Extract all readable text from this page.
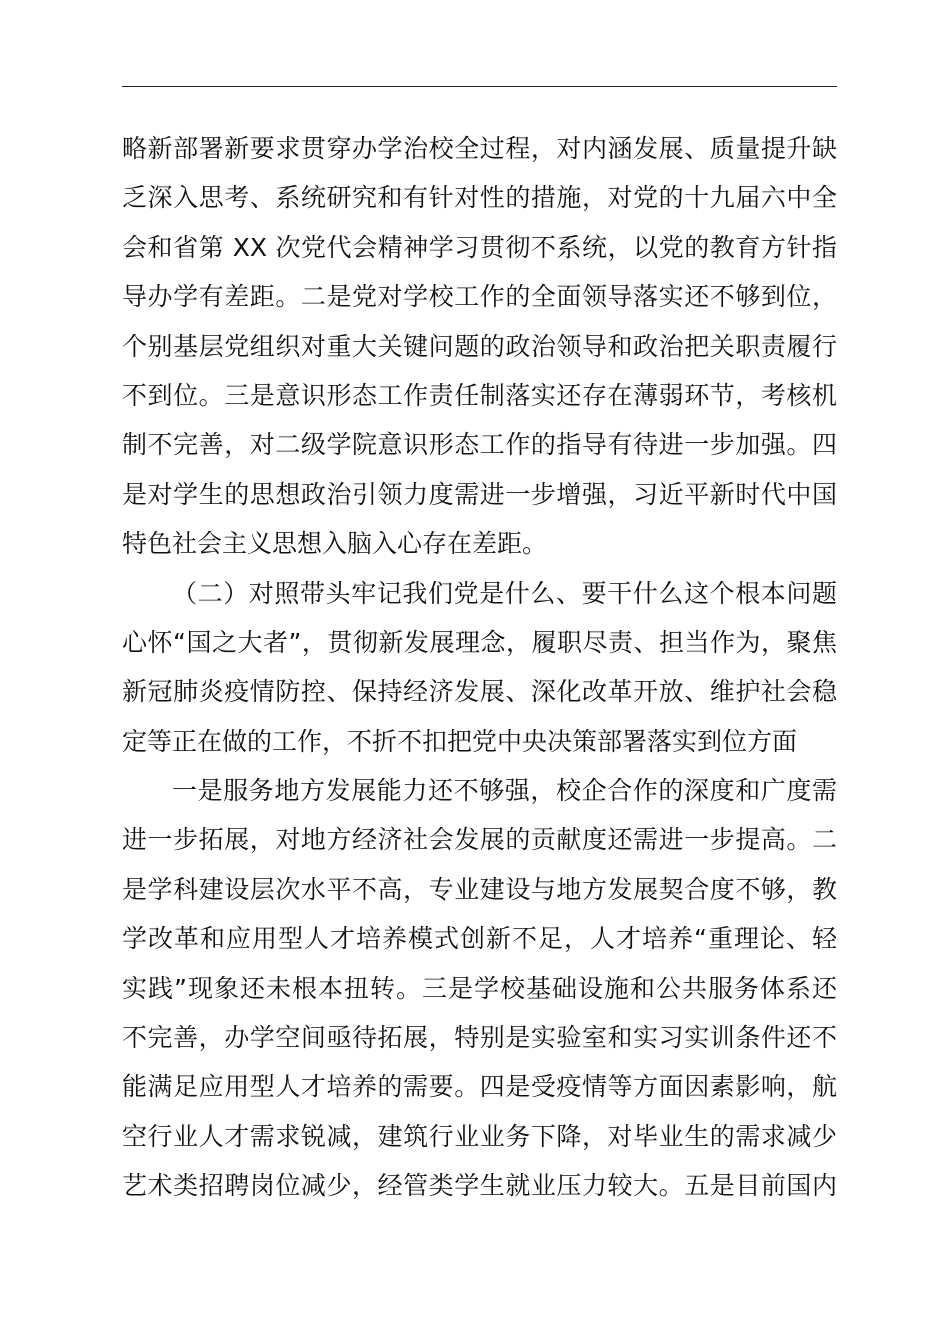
略新部署新要求贯穿办学治校全过程，对内涵发展、质量提升缺
乏深入思考、系统研究和有针对性的措施，对党的十九届六中全
会和省第 XX 次党代会精神学习贯彻不系统，以党的教育方针指
导办学有差距。二是党对学校工作的全面领导落实还不够到位，
个别基层党组织对重大关键问题的政治领导和政治把关职责履行
不到位。三是意识形态工作责任制落实还存在薄弱环节，考核机
制不完善，对二级学院意识形态工作的指导有待进一步加强。四
是对学生的思想政治引领力度需进一步增强，习近平新时代中国
特色社会主义思想入脑入心存在差距。
（二）对照带头牢记我们党是什么、要干什么这个根本问题
心怀“国之大者”，贯彻新发展理念，履职尽责、担当作为，聚焦
新冠肺炎疫情防控、保持经济发展、深化改革开放、维护社会稳
定等正在做的工作，不折不扣把党中央决策部署落实到位方面
一是服务地方发展能力还不够强，校企合作的深度和广度需
进一步拓展，对地方经济社会发展的贡献度还需进一步提高。二
是学科建设层次水平不高，专业建设与地方发展契合度不够，教
学改革和应用型人才培养模式创新不足，人才培养“重理论、轻
实践”现象还未根本扭转。三是学校基础设施和公共服务体系还
不完善，办学空间亟待拓展，特别是实验室和实习实训条件还不
能满足应用型人才培养的需要。四是受疫情等方面因素影响，航
空行业人才需求锐减，建筑行业业务下降，对毕业生的需求减少
艺术类招聘岗位减少，经管类学生就业压力较大。五是目前国内
